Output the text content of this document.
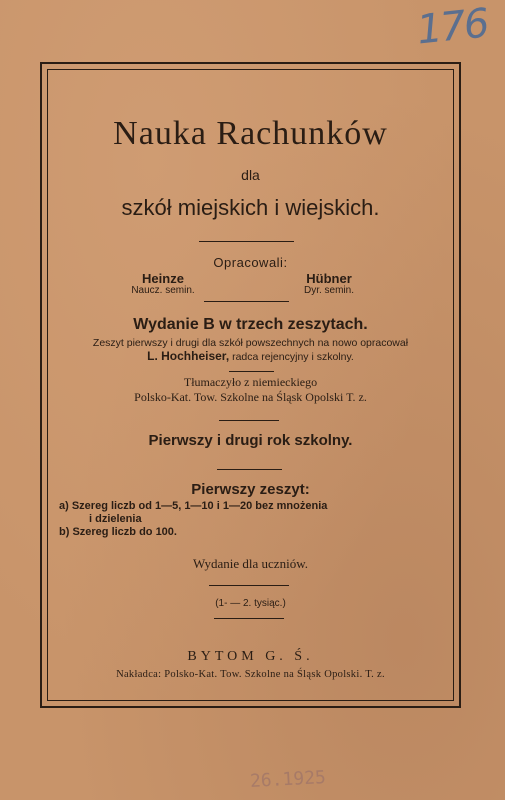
176
26.1925
Nauka Rachunków
dla
szkół miejskich i wiejskich.
Opracowali:
Heinze
Naucz. semin.
Hübner
Dyr. semin.
Wydanie B w trzech zeszytach.
Zeszyt pierwszy i drugi dla szkół powszechnych na nowo opracował
L. Hochheiser, radca rejencyjny i szkolny.
Tłumaczyło z niemieckiego
Polsko-Kat. Tow. Szkolne na Śląsk Opolski T. z.
Pierwszy i drugi rok szkolny.
Pierwszy zeszyt:
a) Szereg liczb od 1—5, 1—10 i 1—20 bez mnożenia
i dzielenia
b) Szereg liczb do 100.
Wydanie dla uczniów.
(1- — 2. tysiąc.)
BYTOM G. Ś.
Nakładca: Polsko-Kat. Tow. Szkolne na Śląsk Opolski. T. z.
